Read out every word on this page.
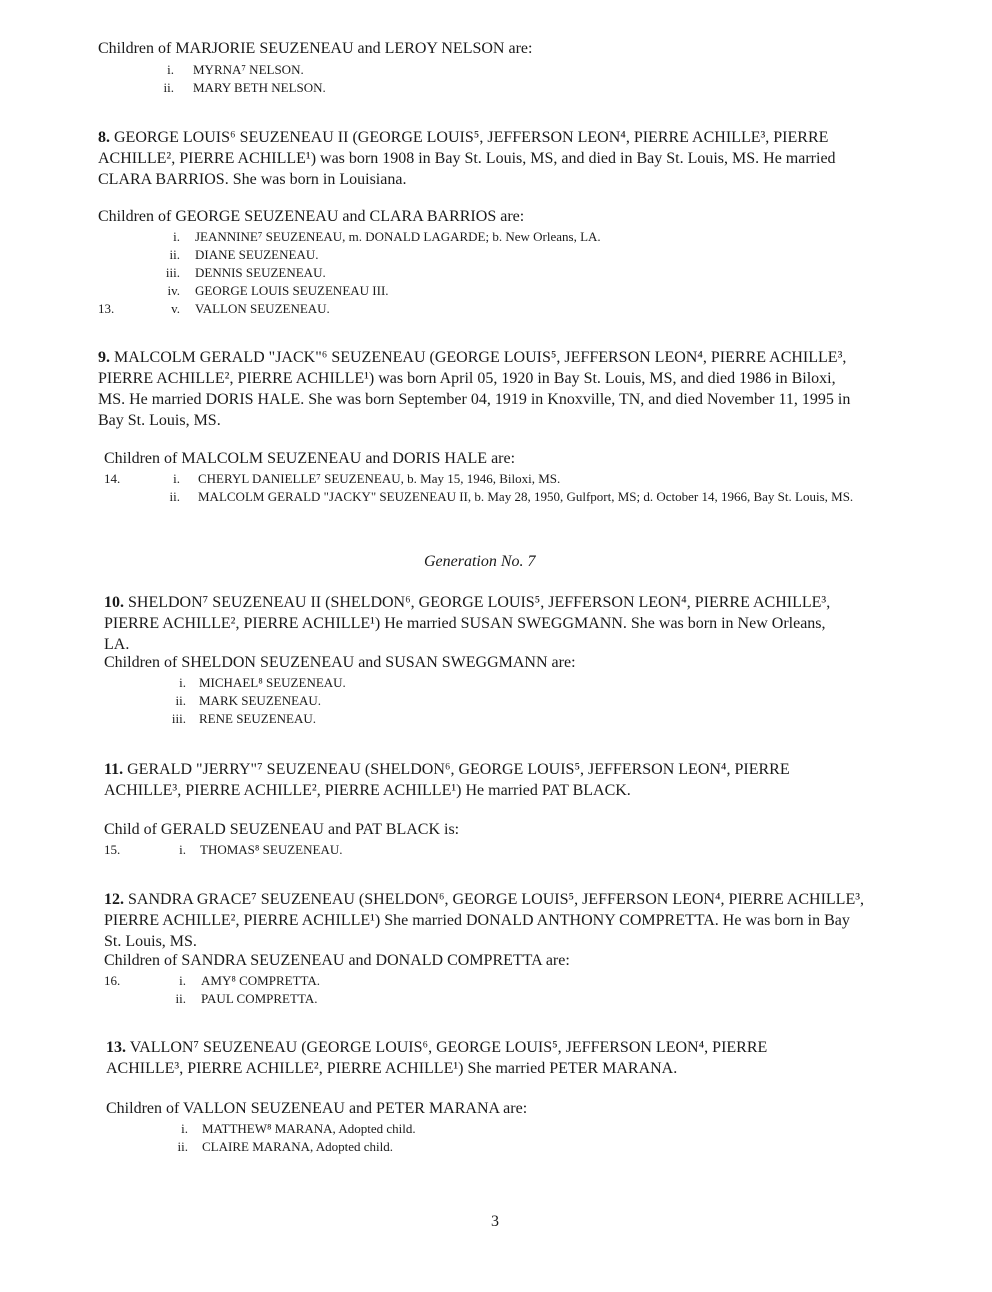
Children of MARJORIE SEUZENEAU and LEROY NELSON are:
i. MYRNA⁷ NELSON.
ii. MARY BETH NELSON.
8. GEORGE LOUIS⁶ SEUZENEAU II (GEORGE LOUIS⁵, JEFFERSON LEON⁴, PIERRE ACHILLE³, PIERRE ACHILLE², PIERRE ACHILLE¹) was born 1908 in Bay St. Louis, MS, and died in Bay St. Louis, MS. He married CLARA BARRIOS. She was born in Louisiana.
Children of GEORGE SEUZENEAU and CLARA BARRIOS are:
i. JEANNINE⁷ SEUZENEAU, m. DONALD LAGARDE; b. New Orleans, LA.
ii. DIANE SEUZENEAU.
iii. DENNIS SEUZENEAU.
iv. GEORGE LOUIS SEUZENEAU III.
13.	v. VALLON SEUZENEAU.
9. MALCOLM GERALD "JACK"⁶ SEUZENEAU (GEORGE LOUIS⁵, JEFFERSON LEON⁴, PIERRE ACHILLE³, PIERRE ACHILLE², PIERRE ACHILLE¹) was born April 05, 1920 in Bay St. Louis, MS, and died 1986 in Biloxi, MS. He married DORIS HALE. She was born September 04, 1919 in Knoxville, TN, and died November 11, 1995 in Bay St. Louis, MS.
Children of MALCOLM SEUZENEAU and DORIS HALE are:
14.	i. CHERYL DANIELLE⁷ SEUZENEAU, b. May 15, 1946, Biloxi, MS.
ii. MALCOLM GERALD "JACKY" SEUZENEAU II, b. May 28, 1950, Gulfport, MS; d. October 14, 1966, Bay St. Louis, MS.
Generation No. 7
10. SHELDON⁷ SEUZENEAU II (SHELDON⁶, GEORGE LOUIS⁵, JEFFERSON LEON⁴, PIERRE ACHILLE³, PIERRE ACHILLE², PIERRE ACHILLE¹) He married SUSAN SWEGGMANN. She was born in New Orleans, LA.
Children of SHELDON SEUZENEAU and SUSAN SWEGGMANN are:
i. MICHAEL⁸ SEUZENEAU.
ii. MARK SEUZENEAU.
iii. RENE SEUZENEAU.
11. GERALD "JERRY"⁷ SEUZENEAU (SHELDON⁶, GEORGE LOUIS⁵, JEFFERSON LEON⁴, PIERRE ACHILLE³, PIERRE ACHILLE², PIERRE ACHILLE¹) He married PAT BLACK.
Child of GERALD SEUZENEAU and PAT BLACK is:
15.	i. THOMAS⁸ SEUZENEAU.
12. SANDRA GRACE⁷ SEUZENEAU (SHELDON⁶, GEORGE LOUIS⁵, JEFFERSON LEON⁴, PIERRE ACHILLE³, PIERRE ACHILLE², PIERRE ACHILLE¹) She married DONALD ANTHONY COMPRETTA. He was born in Bay St. Louis, MS.
Children of SANDRA SEUZENEAU and DONALD COMPRETTA are:
16.	i. AMY⁸ COMPRETTA.
ii. PAUL COMPRETTA.
13. VALLON⁷ SEUZENEAU (GEORGE LOUIS⁶, GEORGE LOUIS⁵, JEFFERSON LEON⁴, PIERRE ACHILLE³, PIERRE ACHILLE², PIERRE ACHILLE¹) She married PETER MARANA.
Children of VALLON SEUZENEAU and PETER MARANA are:
i. MATTHEW⁸ MARANA, Adopted child.
ii. CLAIRE MARANA, Adopted child.
3
